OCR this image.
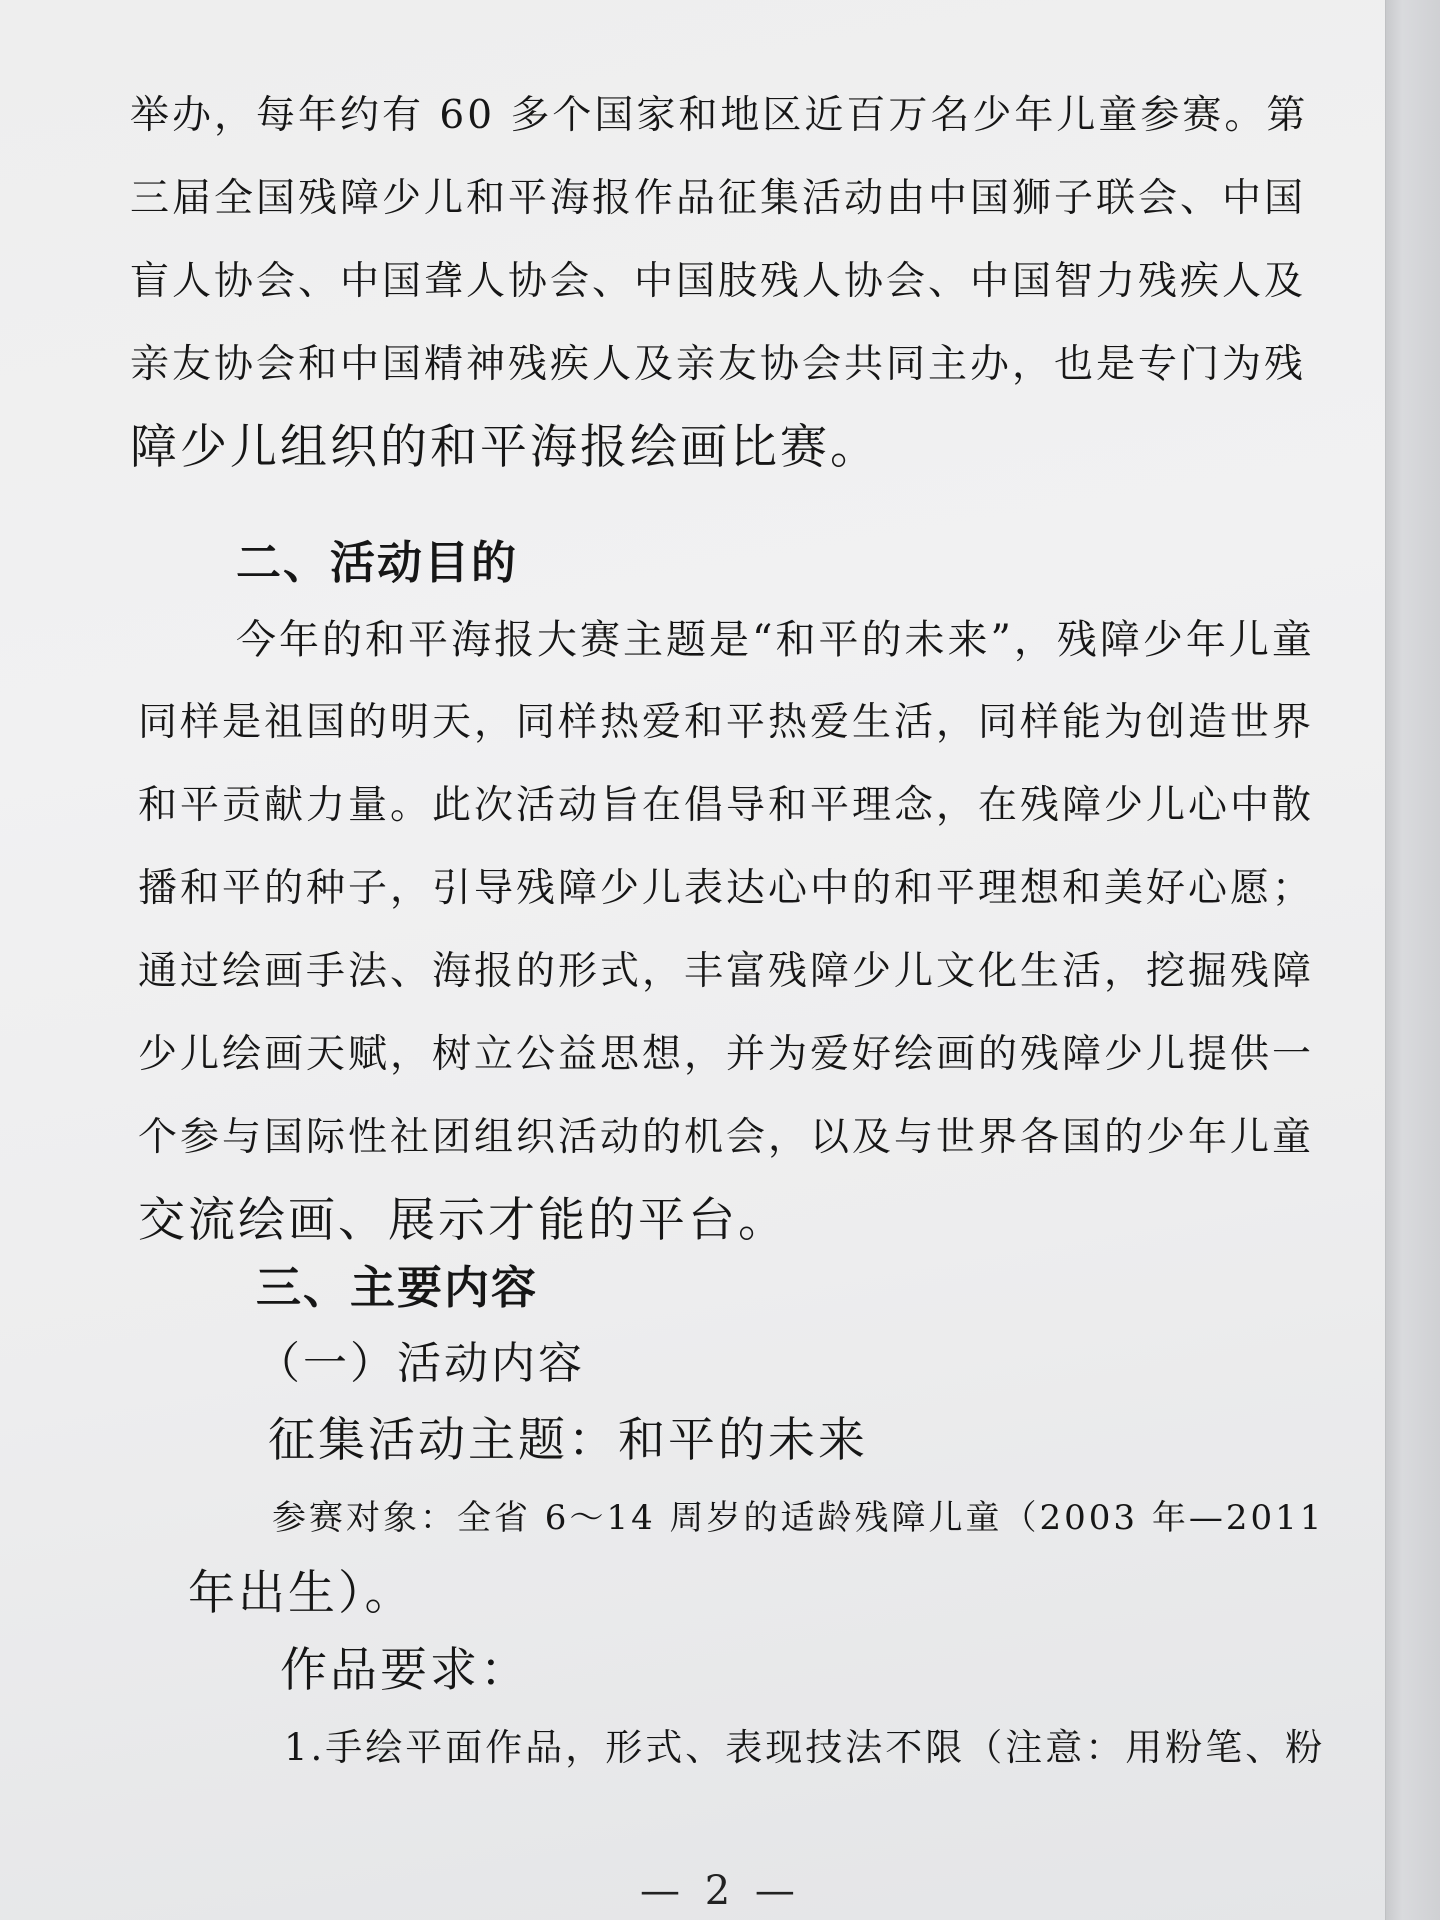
举办，每年约有 60 多个国家和地区近百万名少年儿童参赛。第
三届全国残障少儿和平海报作品征集活动由中国狮子联会、中国
盲人协会、中国聋人协会、中国肢残人协会、中国智力残疾人及
亲友协会和中国精神残疾人及亲友协会共同主办，也是专门为残
障少儿组织的和平海报绘画比赛。
二、活动目的
今年的和平海报大赛主题是“和平的未来”，残障少年儿童
同样是祖国的明天，同样热爱和平热爱生活，同样能为创造世界
和平贡献力量。此次活动旨在倡导和平理念，在残障少儿心中散
播和平的种子，引导残障少儿表达心中的和平理想和美好心愿；
通过绘画手法、海报的形式，丰富残障少儿文化生活，挖掘残障
少儿绘画天赋，树立公益思想，并为爱好绘画的残障少儿提供一
个参与国际性社团组织活动的机会，以及与世界各国的少年儿童
交流绘画、展示才能的平台。
三、主要内容
（一）活动内容
征集活动主题：和平的未来
参赛对象：全省 6～14 周岁的适龄残障儿童（2003 年—2011
年出生）。
作品要求：
1.手绘平面作品，形式、表现技法不限（注意：用粉笔、粉
— 2 —
